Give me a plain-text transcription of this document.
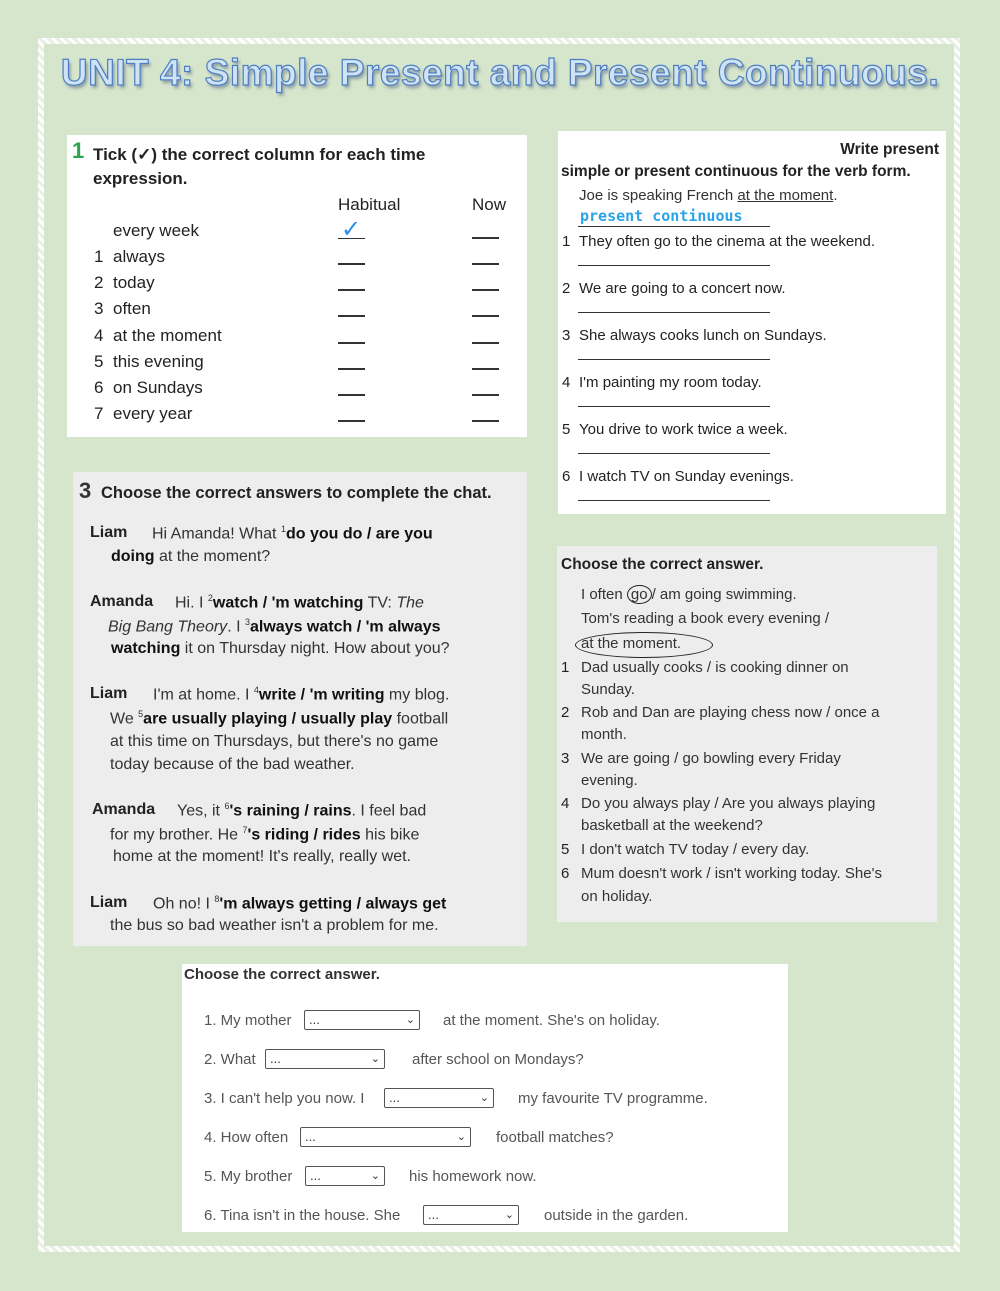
UNIT 4: Simple Present and Present Continuous.
1 Tick (✓) the correct column for each time expression.
Habitual	Now
every week	✓
1 always
2 today
3 often
4 at the moment
5 this evening
6 on Sundays
7 every year
Write present
simple or present continuous for the verb form.
Joe is speaking French at the moment.
present continuous
1 They often go to the cinema at the weekend.
2 We are going to a concert now.
3 She always cooks lunch on Sundays.
4 I'm painting my room today.
5 You drive to work twice a week.
6 I watch TV on Sunday evenings.
3 Choose the correct answers to complete the chat.
Liam Hi Amanda! What $^1$do you do / are you
doing at the moment?
Amanda Hi. I $^2$watch / 'm watching TV: The
Big Bang Theory. I $^3$always watch / 'm always
watching it on Thursday night. How about you?
Liam I'm at home. I $^4$write / 'm writing my blog.
We $^5$are usually playing / usually play football
at this time on Thursdays, but there's no game
today because of the bad weather.
Amanda Yes, it $^6$'s raining / rains. I feel bad
for my brother. He $^7$'s riding / rides his bike
home at the moment! It's really, really wet.
Liam Oh no! I $^8$'m always getting / always get
the bus so bad weather isn't a problem for me.
Choose the correct answer.
I often go / am going swimming.
Tom's reading a book every evening /
at the moment.
1 Dad usually cooks / is cooking dinner on
Sunday.
2 Rob and Dan are playing chess now / once a
month.
3 We are going / go bowling every Friday
evening.
4 Do you always play / Are you always playing
basketball at the weekend?
5 I don't watch TV today / every day.
6 Mum doesn't work / isn't working today. She's
on holiday.
Choose the correct answer.
1. My mother	...	⌄ at the moment. She's on holiday.
2. What	...	⌄ after school on Mondays?
3. I can't help you now. I	...	⌄ my favourite TV programme.
4. How often	...	⌄ football matches?
5. My brother	...	⌄ his homework now.
6. Tina isn't in the house. She	...	⌄ outside in the garden.
